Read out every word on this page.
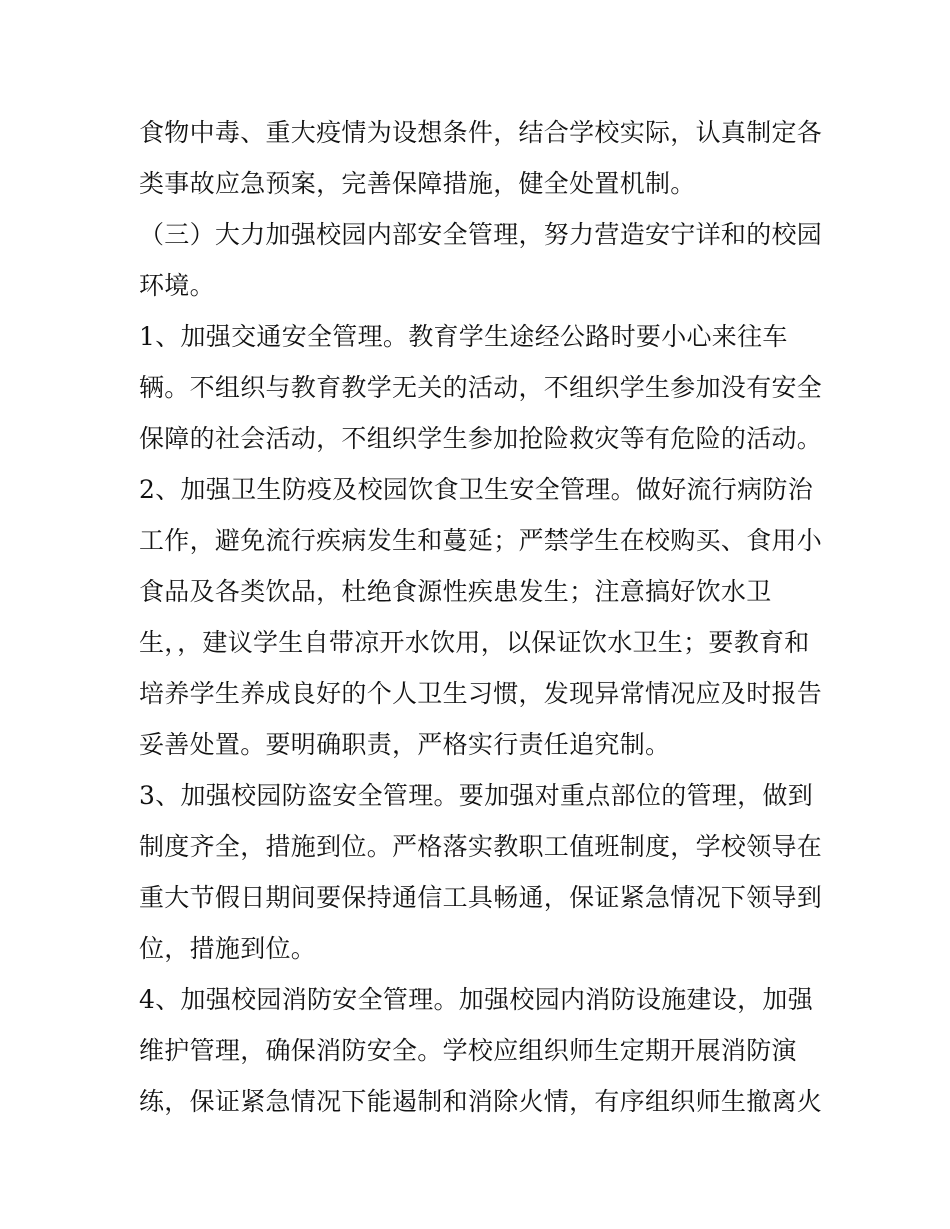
食物中毒、重大疫情为设想条件，结合学校实际，认真制定各
类事故应急预案，完善保障措施，健全处置机制。
（三）大力加强校园内部安全管理，努力营造安宁详和的校园
环境。
1、加强交通安全管理。教育学生途经公路时要小心来往车
辆。不组织与教育教学无关的活动，不组织学生参加没有安全
保障的社会活动，不组织学生参加抢险救灾等有危险的活动。
2、加强卫生防疫及校园饮食卫生安全管理。做好流行病防治
工作，避免流行疾病发生和蔓延；严禁学生在校购买、食用小
食品及各类饮品，杜绝食源性疾患发生；注意搞好饮水卫
生，，建议学生自带凉开水饮用，以保证饮水卫生；要教育和
培养学生养成良好的个人卫生习惯，发现异常情况应及时报告
妥善处置。要明确职责，严格实行责任追究制。
3、加强校园防盗安全管理。要加强对重点部位的管理，做到
制度齐全，措施到位。严格落实教职工值班制度，学校领导在
重大节假日期间要保持通信工具畅通，保证紧急情况下领导到
位，措施到位。
4、加强校园消防安全管理。加强校园内消防设施建设，加强
维护管理，确保消防安全。学校应组织师生定期开展消防演
练，保证紧急情况下能遏制和消除火情，有序组织师生撤离火
